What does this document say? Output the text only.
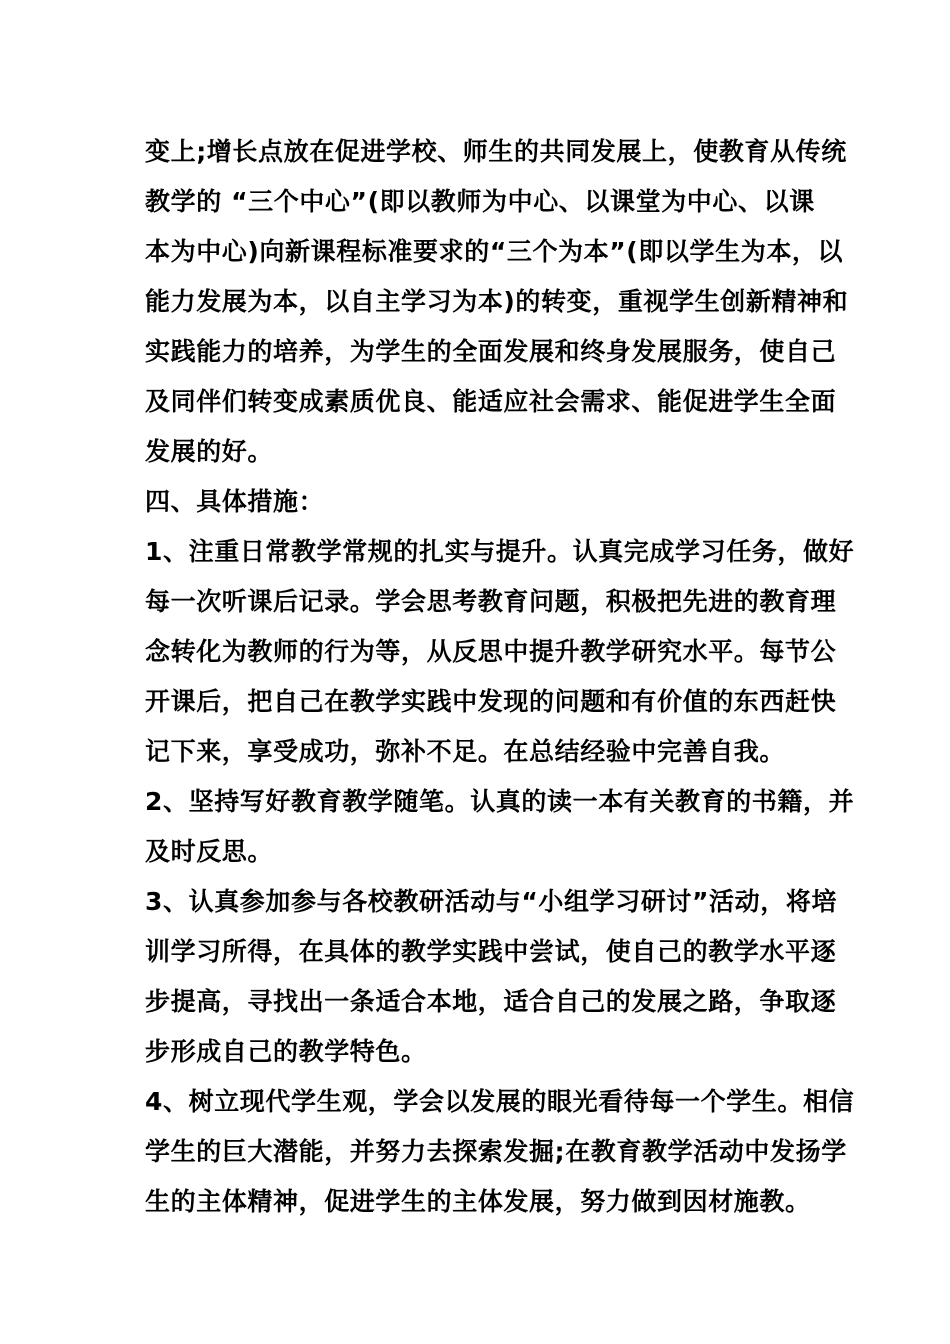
变上;增长点放在促进学校、师生的共同发展上，使教育从传统
教学的 “三个中心”(即以教师为中心、以课堂为中心、以课
本为中心)向新课程标准要求的“三个为本”(即以学生为本，以
能力发展为本，以自主学习为本)的转变，重视学生创新精神和
实践能力的培养，为学生的全面发展和终身发展服务，使自己
及同伴们转变成素质优良、能适应社会需求、能促进学生全面
发展的好。
四、具体措施：
1、注重日常教学常规的扎实与提升。认真完成学习任务，做好
每一次听课后记录。学会思考教育问题，积极把先进的教育理
念转化为教师的行为等，从反思中提升教学研究水平。每节公
开课后，把自己在教学实践中发现的问题和有价值的东西赶快
记下来，享受成功，弥补不足。在总结经验中完善自我。
2、坚持写好教育教学随笔。认真的读一本有关教育的书籍，并
及时反思。
3、认真参加参与各校教研活动与“小组学习研讨”活动，将培
训学习所得，在具体的教学实践中尝试，使自己的教学水平逐
步提高，寻找出一条适合本地，适合自己的发展之路，争取逐
步形成自己的教学特色。
4、树立现代学生观，学会以发展的眼光看待每一个学生。相信
学生的巨大潜能，并努力去探索发掘;在教育教学活动中发扬学
生的主体精神，促进学生的主体发展，努力做到因材施教。
